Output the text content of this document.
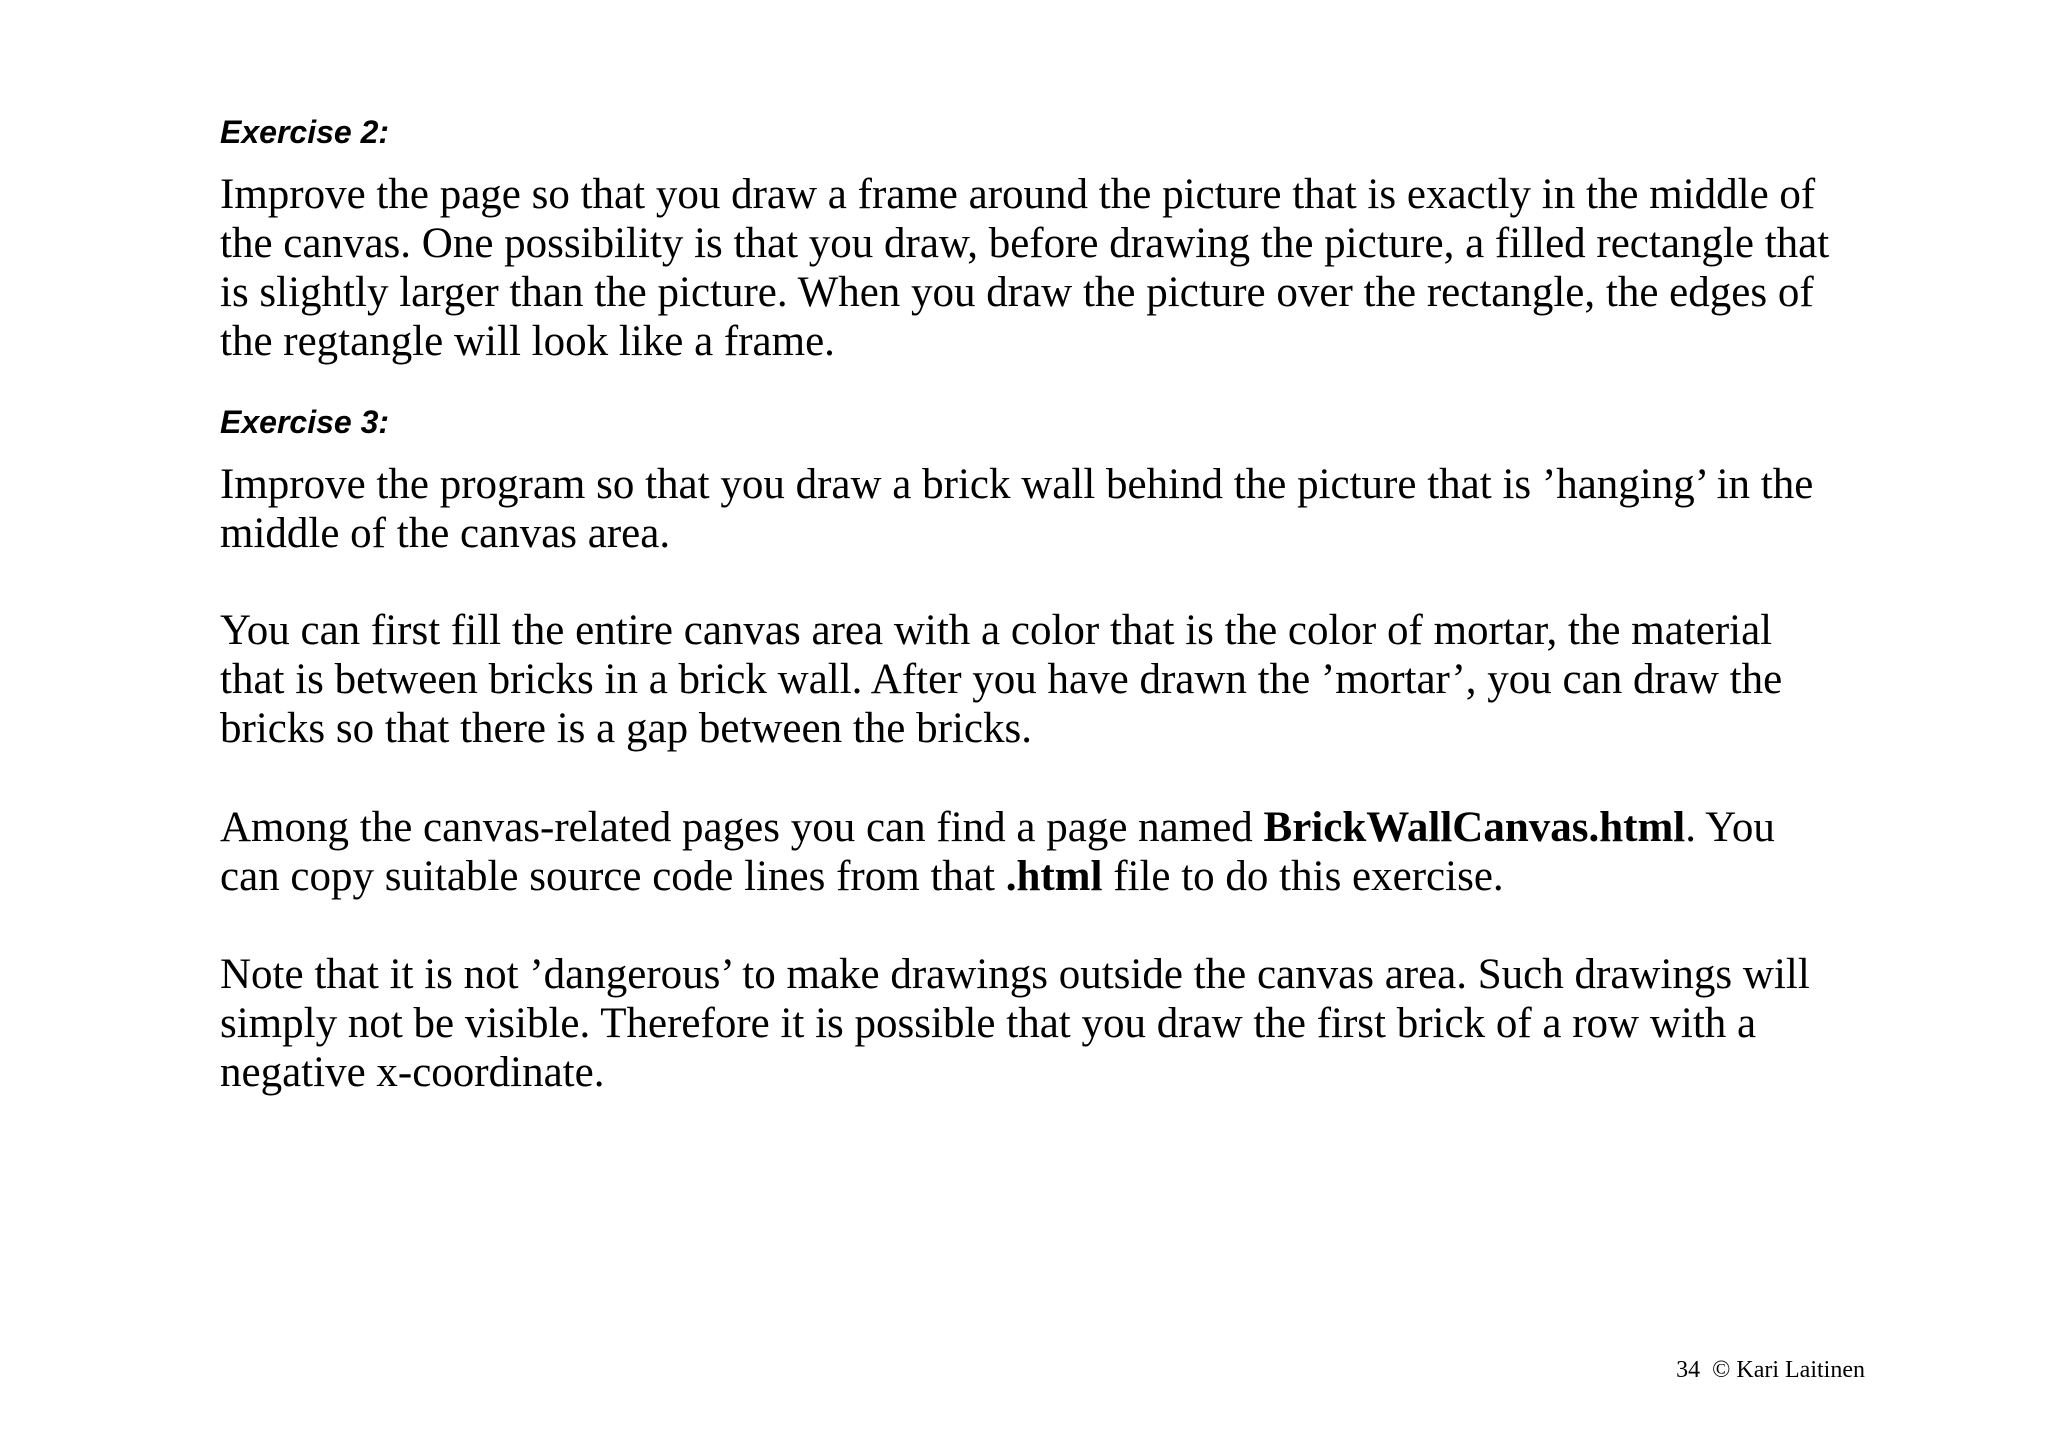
Exercise 2:

Improve the page so that you draw a frame around the picture that is exactly in the middle of
the canvas. One possibility is that you draw, before drawing the picture, a filled rectangle that
is slightly larger than the picture. When you draw the picture over the rectangle, the edges of
the regtangle will look like a frame.

Exercise 3:

Improve the program so that you draw a brick wall behind the picture that is ’hanging’ in the
middle of the canvas area.

You can first fill the entire canvas area with a color that is the color of mortar, the material
that is between bricks in a brick wall. After you have drawn the ’mortar’, you can draw the
bricks so that there is a gap between the bricks.

Among the canvas-related pages you can find a page named BrickWallCanvas.html. You
can copy suitable source code lines from that .html file to do this exercise.

Note that it is not ’dangerous’ to make drawings outside the canvas area. Such drawings will
simply not be visible. Therefore it is possible that you draw the first brick of a row with a
negative x-coordinate.

34 © Kari Laitinen
